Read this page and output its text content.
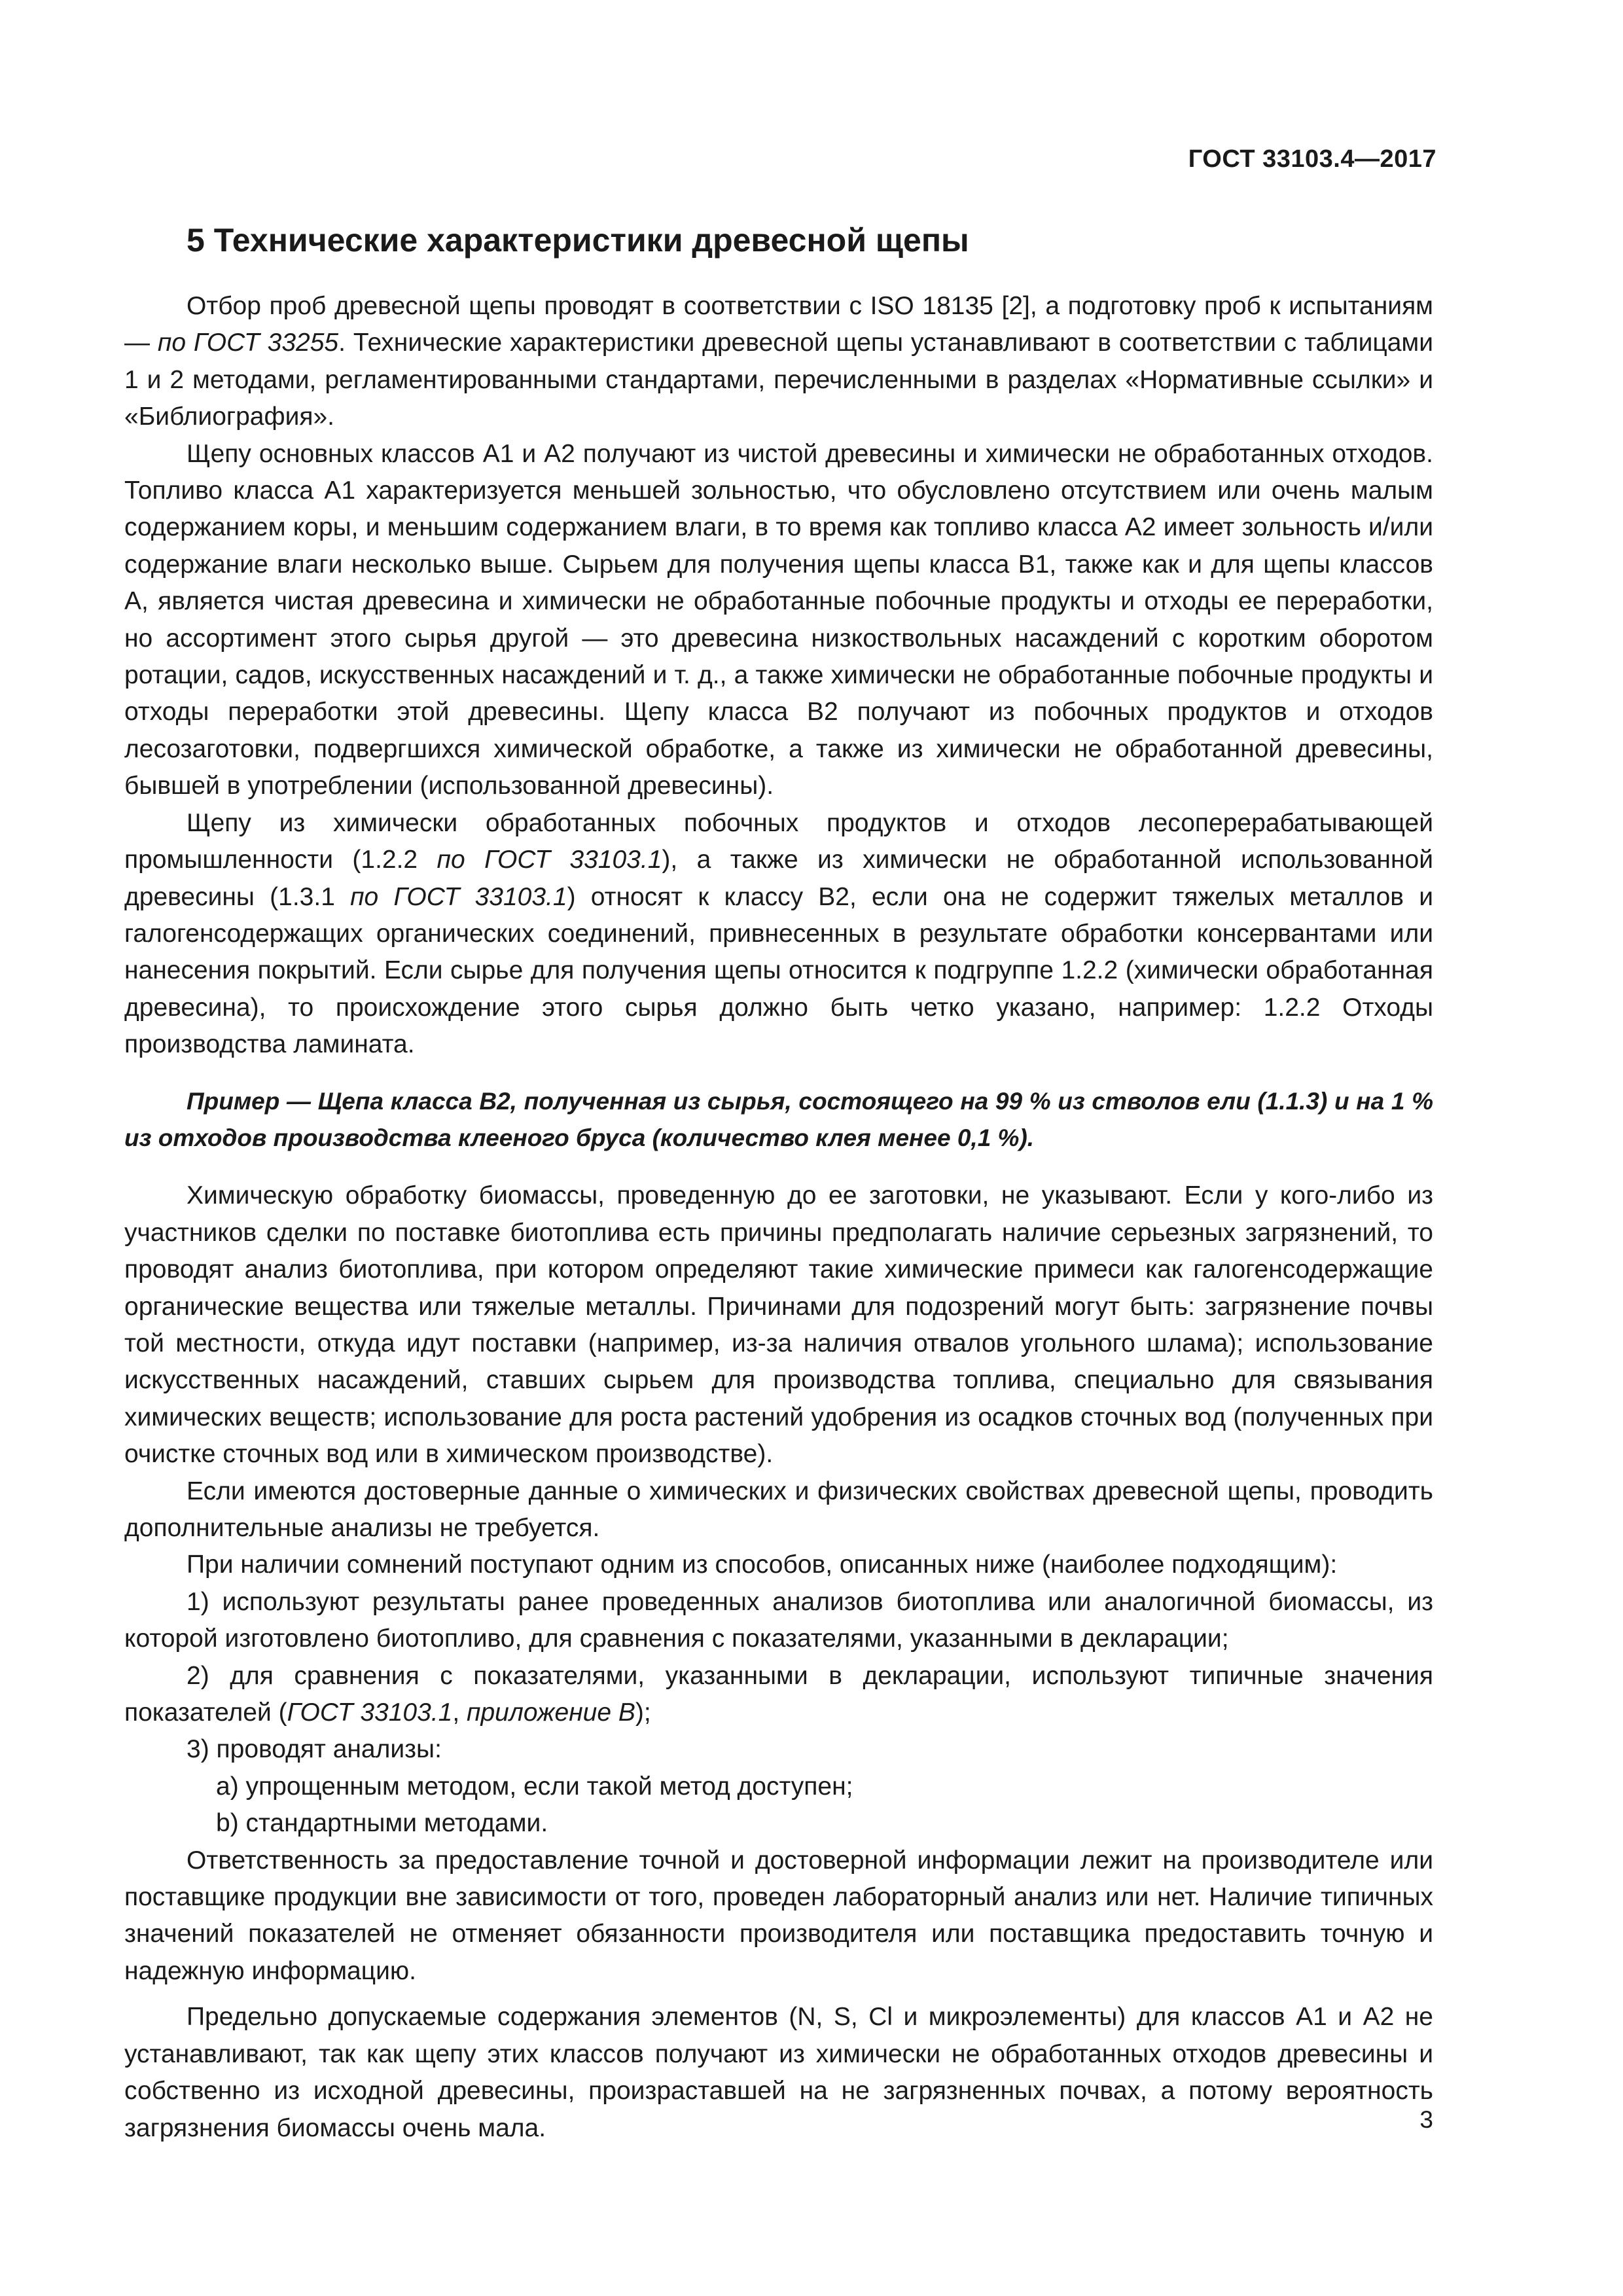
ГОСТ 33103.4—2017
5 Технические характеристики древесной щепы

Отбор проб древесной щепы проводят в соответствии с ISO 18135 [2], а подготовку проб к испытаниям — по ГОСТ 33255. Технические характеристики древесной щепы устанавливают в соответствии с таблицами 1 и 2 методами, регламентированными стандартами, перечисленными в разделах «Нормативные ссылки» и «Библиография».

Щепу основных классов А1 и А2 получают из чистой древесины и химически не обработанных отходов. Топливо класса А1 характеризуется меньшей зольностью, что обусловлено отсутствием или очень малым содержанием коры, и меньшим содержанием влаги, в то время как топливо класса А2 имеет зольность и/или содержание влаги несколько выше. Сырьем для получения щепы класса В1, также как и для щепы классов А, является чистая древесина и химически не обработанные побочные продукты и отходы ее переработки, но ассортимент этого сырья другой — это древесина низкоствольных насаждений с коротким оборотом ротации, садов, искусственных насаждений и т. д., а также химически не обработанные побочные продукты и отходы переработки этой древесины. Щепу класса В2 получают из побочных продуктов и отходов лесозаготовки, подвергшихся химической обработке, а также из химически не обработанной древесины, бывшей в употреблении (использованной древесины).

Щепу из химически обработанных побочных продуктов и отходов лесоперерабатывающей промышленности (1.2.2 по ГОСТ 33103.1), а также из химически не обработанной использованной древесины (1.3.1 по ГОСТ 33103.1) относят к классу В2, если она не содержит тяжелых металлов и галогенсодержащих органических соединений, привнесенных в результате обработки консервантами или нанесения покрытий. Если сырье для получения щепы относится к подгруппе 1.2.2 (химически обработанная древесина), то происхождение этого сырья должно быть четко указано, например: 1.2.2 Отходы производства ламината.

Пример — Щепа класса В2, полученная из сырья, состоящего на 99 % из стволов ели (1.1.3) и на 1 % из отходов производства клееного бруса (количество клея менее 0,1 %).

Химическую обработку биомассы, проведенную до ее заготовки, не указывают. Если у кого-либо из участников сделки по поставке биотоплива есть причины предполагать наличие серьезных загрязнений, то проводят анализ биотоплива, при котором определяют такие химические примеси как галогенсодержащие органические вещества или тяжелые металлы. Причинами для подозрений могут быть: загрязнение почвы той местности, откуда идут поставки (например, из-за наличия отвалов угольного шлама); использование искусственных насаждений, ставших сырьем для производства топлива, специально для связывания химических веществ; использование для роста растений удобрения из осадков сточных вод (полученных при очистке сточных вод или в химическом производстве).

Если имеются достоверные данные о химических и физических свойствах древесной щепы, проводить дополнительные анализы не требуется.

При наличии сомнений поступают одним из способов, описанных ниже (наиболее подходящим):

1) используют результаты ранее проведенных анализов биотоплива или аналогичной биомассы, из которой изготовлено биотопливо, для сравнения с показателями, указанными в декларации;

2) для сравнения с показателями, указанными в декларации, используют типичные значения показателей (ГОСТ 33103.1, приложение В);

3) проводят анализы:

a) упрощенным методом, если такой метод доступен;

b) стандартными методами.

Ответственность за предоставление точной и достоверной информации лежит на производителе или поставщике продукции вне зависимости от того, проведен лабораторный анализ или нет. Наличие типичных значений показателей не отменяет обязанности производителя или поставщика предоставить точную и надежную информацию.

Предельно допускаемые содержания элементов (N, S, Cl и микроэлементы) для классов А1 и А2 не устанавливают, так как щепу этих классов получают из химически не обработанных отходов древесины и собственно из исходной древесины, произраставшей на не загрязненных почвах, а потому вероятность загрязнения биомассы очень мала.	3
